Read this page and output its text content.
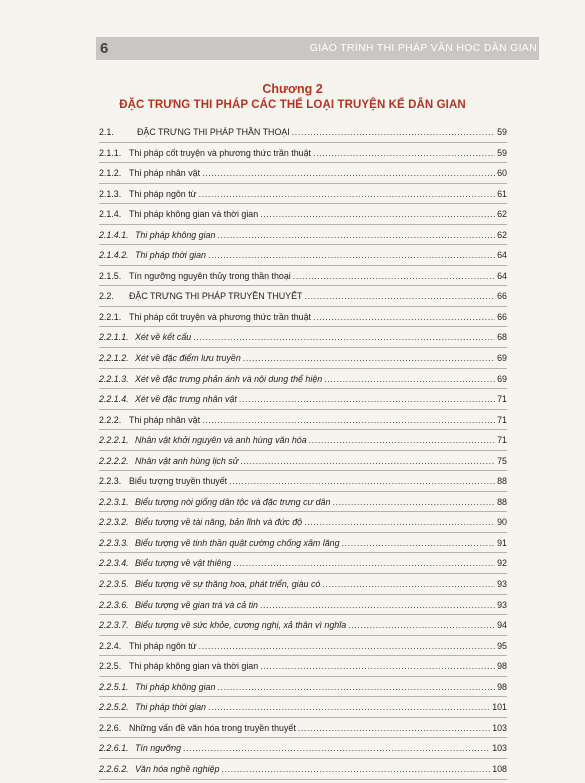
6	GIÁO TRÌNH THI PHÁP VĂN HỌC DÂN GIAN
Chương 2
ĐẶC TRƯNG THI PHÁP CÁC THỂ LOẠI TRUYỆN KỂ DÂN GIAN
2.1.	ĐẶC TRƯNG THI PHÁP THẦN THOẠI .....	59
2.1.1. Thi pháp cốt truyện và phương thức trần thuật .....	59
2.1.2. Thi pháp nhân vật .....	60
2.1.3. Thi pháp ngôn từ .....	61
2.1.4. Thi pháp không gian và thời gian .....	62
2.1.4.1. Thi pháp không gian .....	62
2.1.4.2. Thi pháp thời gian .....	64
2.1.5. Tín ngưỡng nguyên thủy trong thần thoại .....	64
2.2.	ĐẶC TRƯNG THI PHÁP TRUYỀN THUYẾT .....	66
2.2.1. Thi pháp cốt truyện và phương thức trần thuật .....	66
2.2.1.1. Xét về kết cấu .....	68
2.2.1.2. Xét về đặc điểm lưu truyền .....	69
2.2.1.3. Xét về đặc trưng phản ánh và nội dung thể hiện .....	69
2.2.1.4. Xét về đặc trưng nhân vật .....	71
2.2.2. Thi pháp nhân vật .....	71
2.2.2.1. Nhân vật khởi nguyên và anh hùng văn hóa .....	71
2.2.2.2. Nhân vật anh hùng lịch sử .....	75
2.2.3. Biểu tượng truyền thuyết .....	88
2.2.3.1. Biểu tượng nòi giống dân tộc và đặc trưng cư dân .....	88
2.2.3.2. Biểu tượng về tài năng, bản lĩnh và đức độ .....	90
2.2.3.3. Biểu tượng về tinh thần quật cường chống xâm lăng .....	91
2.2.3.4. Biểu tượng về vật thiêng .....	92
2.2.3.5. Biểu tượng về sự thăng hoa, phát triển, giàu có .....	93
2.2.3.6. Biểu tượng về gian trá và cả tin .....	93
2.2.3.7. Biểu tượng về sức khỏe, cương nghị, xả thân vì nghĩa .....	94
2.2.4. Thi pháp ngôn từ .....	95
2.2.5. Thi pháp không gian và thời gian .....	98
2.2.5.1. Thi pháp không gian .....	98
2.2.5.2. Thi pháp thời gian .....	101
2.2.6. Những vấn đề văn hóa trong truyền thuyết .....	103
2.2.6.1. Tín ngưỡng .....	103
2.2.6.2. Văn hóa nghề nghiệp .....	108
